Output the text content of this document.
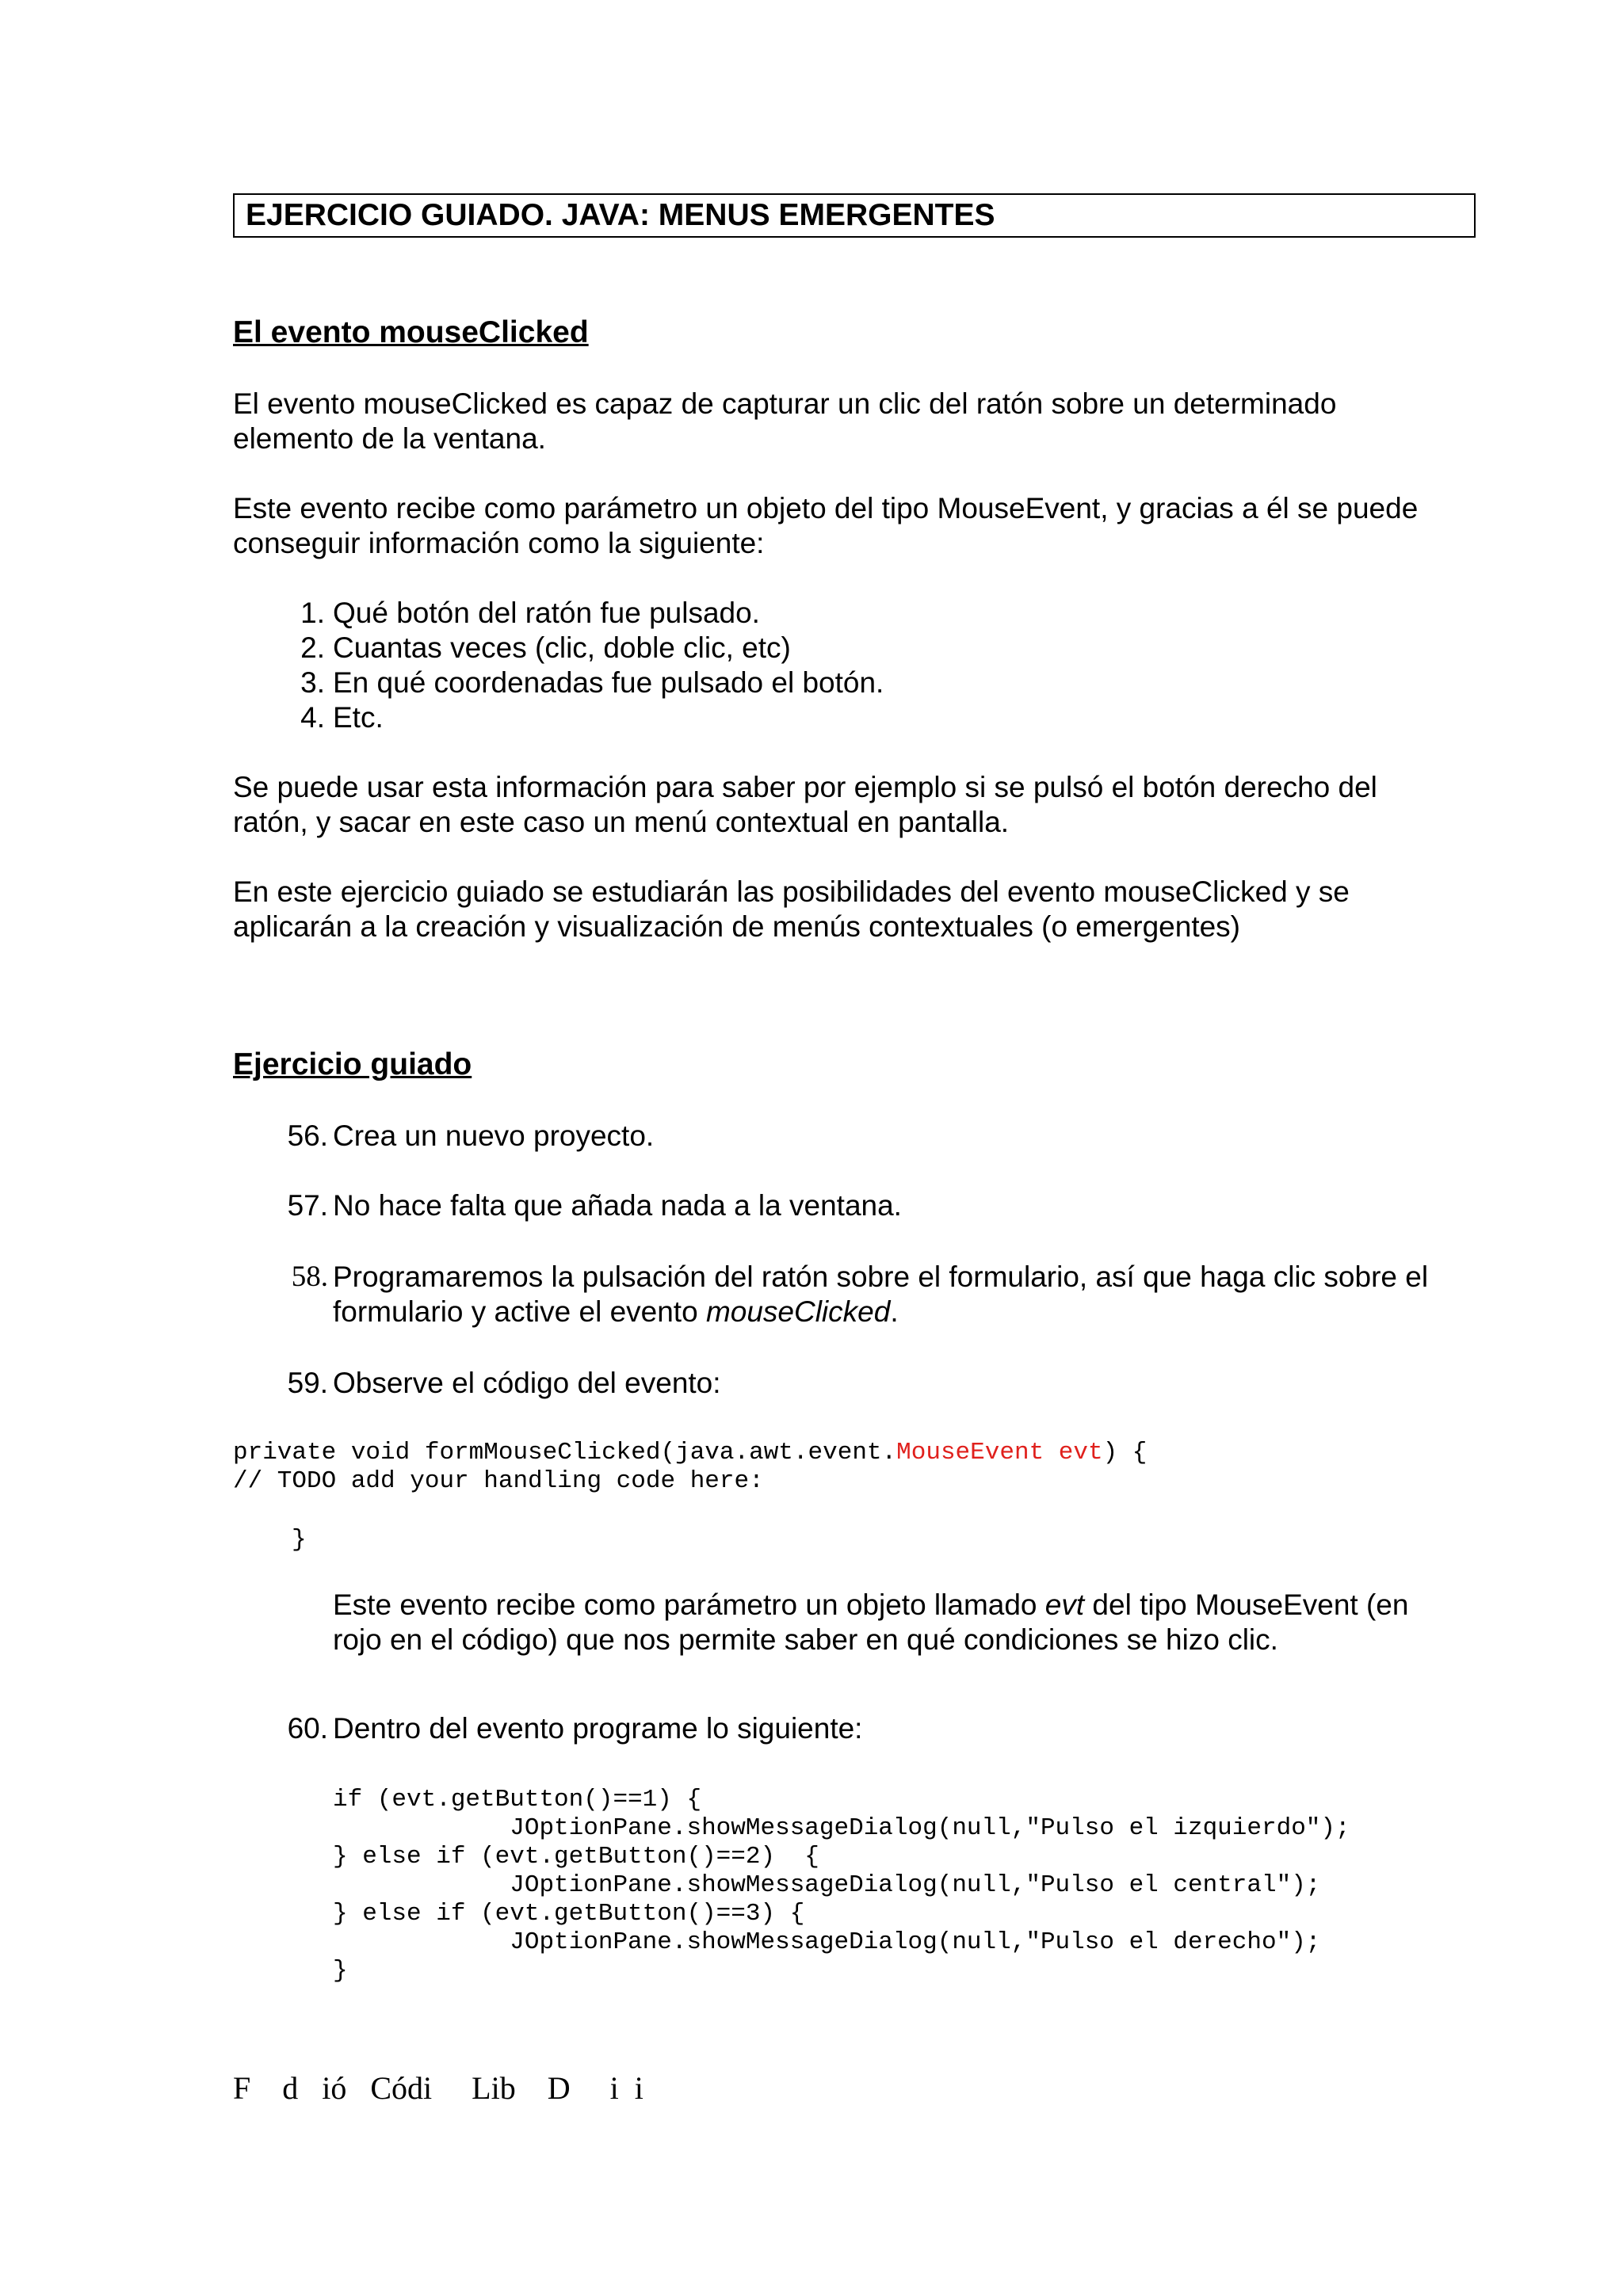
EJERCICIO GUIADO. JAVA: MENUS EMERGENTES
El evento mouseClicked
El evento mouseClicked es capaz de capturar un clic del ratón sobre un determinado
elemento de la ventana.
Este evento recibe como parámetro un objeto del tipo MouseEvent, y gracias a él se puede
conseguir información como la siguiente:
1. Qué botón del ratón fue pulsado.
2. Cuantas veces (clic, doble clic, etc)
3. En qué coordenadas fue pulsado el botón.
4. Etc.
Se puede usar esta información para saber por ejemplo si se pulsó el botón derecho del
ratón, y sacar en este caso un menú contextual en pantalla.
En este ejercicio guiado se estudiarán las posibilidades del evento mouseClicked y se
aplicarán a la creación y visualización de menús contextuales (o emergentes)
Ejercicio guiado
56. Crea un nuevo proyecto.
57. No hace falta que añada nada a la ventana.
58. Programaremos la pulsación del ratón sobre el formulario, así que haga clic sobre el
formulario y active el evento mouseClicked.
59. Observe el código del evento:
private void formMouseClicked(java.awt.event.MouseEvent evt) {
// TODO add your handling code here:
}
Este evento recibe como parámetro un objeto llamado evt del tipo MouseEvent (en
rojo en el código) que nos permite saber en qué condiciones se hizo clic.
60. Dentro del evento programe lo siguiente:
if (evt.getButton()==1) {
JOptionPane.showMessageDialog(null,"Pulso el izquierdo");
} else if (evt.getButton()==2)  {
JOptionPane.showMessageDialog(null,"Pulso el central");
} else if (evt.getButton()==3) {
JOptionPane.showMessageDialog(null,"Pulso el derecho");
}
F    d   ió   Códi     Lib    D     i  i
